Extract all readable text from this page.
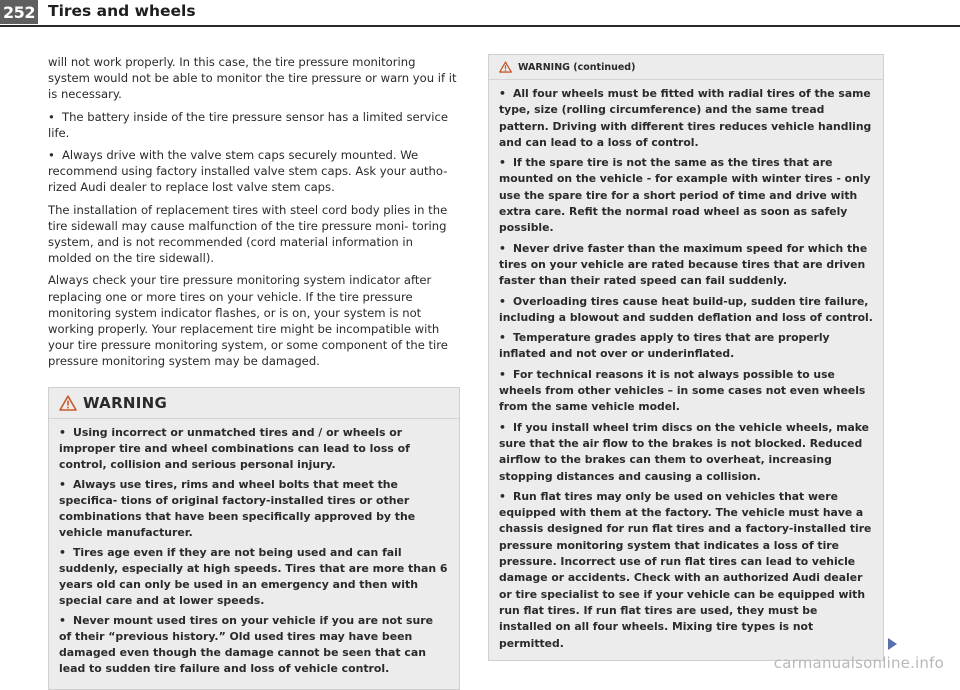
252 Tires and wheels

will not work properly. In this case, the tire pressure monitoring system would not be able to monitor the tire pressure or warn you if it is necessary.

• The battery inside of the tire pressure sensor has a limited service life.

• Always drive with the valve stem caps securely mounted. We recommend using factory installed valve stem caps. Ask your autho- rized Audi dealer to replace lost valve stem caps.

The installation of replacement tires with steel cord body plies in the tire sidewall may cause malfunction of the tire pressure moni- toring system, and is not recommended (cord material information in molded on the tire sidewall).

Always check your tire pressure monitoring system indicator after replacing one or more tires on your vehicle. If the tire pressure monitoring system indicator flashes, or is on, your system is not working properly. Your replacement tire might be incompatible with your tire pressure monitoring system, or some component of the tire pressure monitoring system may be damaged.

WARNING

• Using incorrect or unmatched tires and / or wheels or improper tire and wheel combinations can lead to loss of control, collision and serious personal injury.

• Always use tires, rims and wheel bolts that meet the specifica- tions of original factory-installed tires or other combinations that have been specifically approved by the vehicle manufacturer.

• Tires age even if they are not being used and can fail suddenly, especially at high speeds. Tires that are more than 6 years old can only be used in an emergency and then with special care and at lower speeds.

• Never mount used tires on your vehicle if you are not sure of their “previous history.” Old used tires may have been damaged even though the damage cannot be seen that can lead to sudden tire failure and loss of vehicle control.

WARNING (continued)

• All four wheels must be fitted with radial tires of the same type, size (rolling circumference) and the same tread pattern. Driving with different tires reduces vehicle handling and can lead to a loss of control.

• If the spare tire is not the same as the tires that are mounted on the vehicle - for example with winter tires - only use the spare tire for a short period of time and drive with extra care. Refit the normal road wheel as soon as safely possible.

• Never drive faster than the maximum speed for which the tires on your vehicle are rated because tires that are driven faster than their rated speed can fail suddenly.

• Overloading tires cause heat build-up, sudden tire failure, including a blowout and sudden deflation and loss of control.

• Temperature grades apply to tires that are properly inflated and not over or underinflated.

• For technical reasons it is not always possible to use wheels from other vehicles – in some cases not even wheels from the same vehicle model.

• If you install wheel trim discs on the vehicle wheels, make sure that the air flow to the brakes is not blocked. Reduced airflow to the brakes can them to overheat, increasing stopping distances and causing a collision.

• Run flat tires may only be used on vehicles that were equipped with them at the factory. The vehicle must have a chassis designed for run flat tires and a factory-installed tire pressure monitoring system that indicates a loss of tire pressure. Incorrect use of run flat tires can lead to vehicle damage or accidents. Check with an authorized Audi dealer or tire specialist to see if your vehicle can be equipped with run flat tires. If run flat tires are used, they must be installed on all four wheels. Mixing tire types is not permitted.

carmanualsonline.info
